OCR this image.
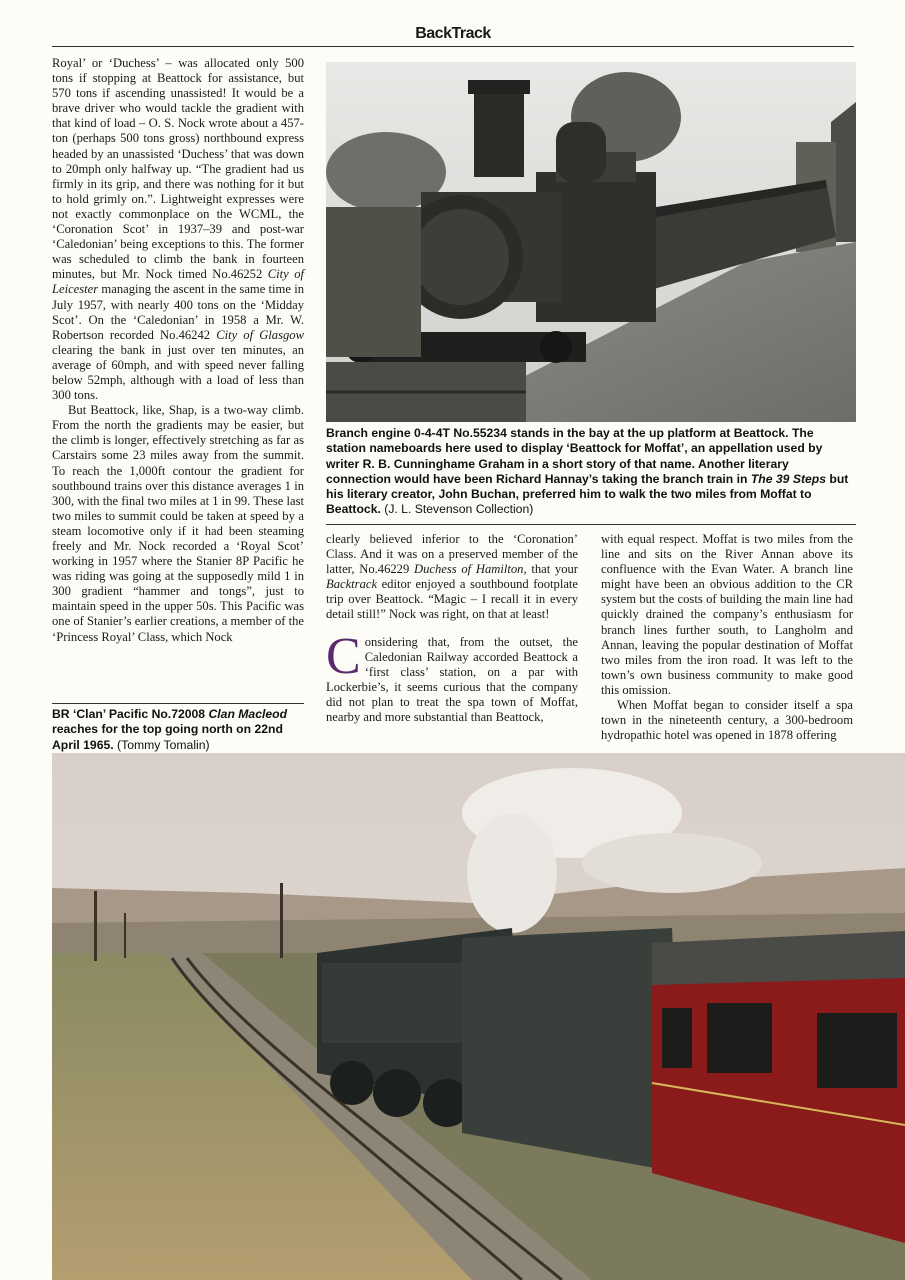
BackTrack

Royal’ or ‘Duchess’ – was allocated only 500 tons if stopping at Beattock for assistance, but 570 tons if ascending unassisted! It would be a brave driver who would tackle the gradient with that kind of load – O. S. Nock wrote about a 457-ton (perhaps 500 tons gross) northbound express headed by an unassisted ‘Duchess’ that was down to 20mph only halfway up. “The gradient had us firmly in its grip, and there was nothing for it but to hold grimly on.”. Lightweight expresses were not exactly commonplace on the WCML, the ‘Coronation Scot’ in 1937–39 and post-war ‘Caledonian’ being exceptions to this. The former was scheduled to climb the bank in fourteen minutes, but Mr. Nock timed No.46252 City of Leicester managing the ascent in the same time in July 1957, with nearly 400 tons on the ‘Midday Scot’. On the ‘Caledonian’ in 1958 a Mr. W. Robertson recorded No.46242 City of Glasgow clearing the bank in just over ten minutes, an average of 60mph, and with speed never falling below 52mph, although with a load of less than 300 tons.

But Beattock, like, Shap, is a two-way climb. From the north the gradients may be easier, but the climb is longer, effectively stretching as far as Carstairs some 23 miles away from the summit. To reach the 1,000ft contour the gradient for southbound trains over this distance averages 1 in 300, with the final two miles at 1 in 99. These last two miles to summit could be taken at speed by a steam locomotive only if it had been steaming freely and Mr. Nock recorded a ‘Royal Scot’ working in 1957 where the Stanier 8P Pacific he was riding was going at the supposedly mild 1 in 300 gradient “hammer and tongs”, just to maintain speed in the upper 50s. This Pacific was one of Stanier’s earlier creations, a member of the ‘Princess Royal’ Class, which Nock

Branch engine 0-4-4T No.55234 stands in the bay at the up platform at Beattock. The station nameboards here used to display ‘Beattock for Moffat’, an appellation used by writer R. B. Cunninghame Graham in a short story of that name. Another literary connection would have been Richard Hannay’s taking the branch train in The 39 Steps but his literary creator, John Buchan, preferred him to walk the two miles from Moffat to Beattock. (J. L. Stevenson Collection)

clearly believed inferior to the ‘Coronation’ Class. And it was on a preserved member of the latter, No.46229 Duchess of Hamilton, that your Backtrack editor enjoyed a southbound footplate trip over Beattock. “Magic – I recall it in every detail still!” Nock was right, on that at least!

Considering that, from the outset, the Caledonian Railway accorded Beattock a ‘first class’ station, on a par with Lockerbie’s, it seems curious that the company did not plan to treat the spa town of Moffat, nearby and more substantial than Beattock,

with equal respect. Moffat is two miles from the line and sits on the River Annan above its confluence with the Evan Water. A branch line might have been an obvious addition to the CR system but the costs of building the main line had quickly drained the company’s enthusiasm for branch lines further south, to Langholm and Annan, leaving the popular destination of Moffat two miles from the iron road. It was left to the town’s own business community to make good this omission.

When Moffat began to consider itself a spa town in the nineteenth century, a 300-bedroom hydropathic hotel was opened in 1878 offering

BR ‘Clan’ Pacific No.72008 Clan Macleod reaches for the top going north on 22nd April 1965. (Tommy Tomalin)
